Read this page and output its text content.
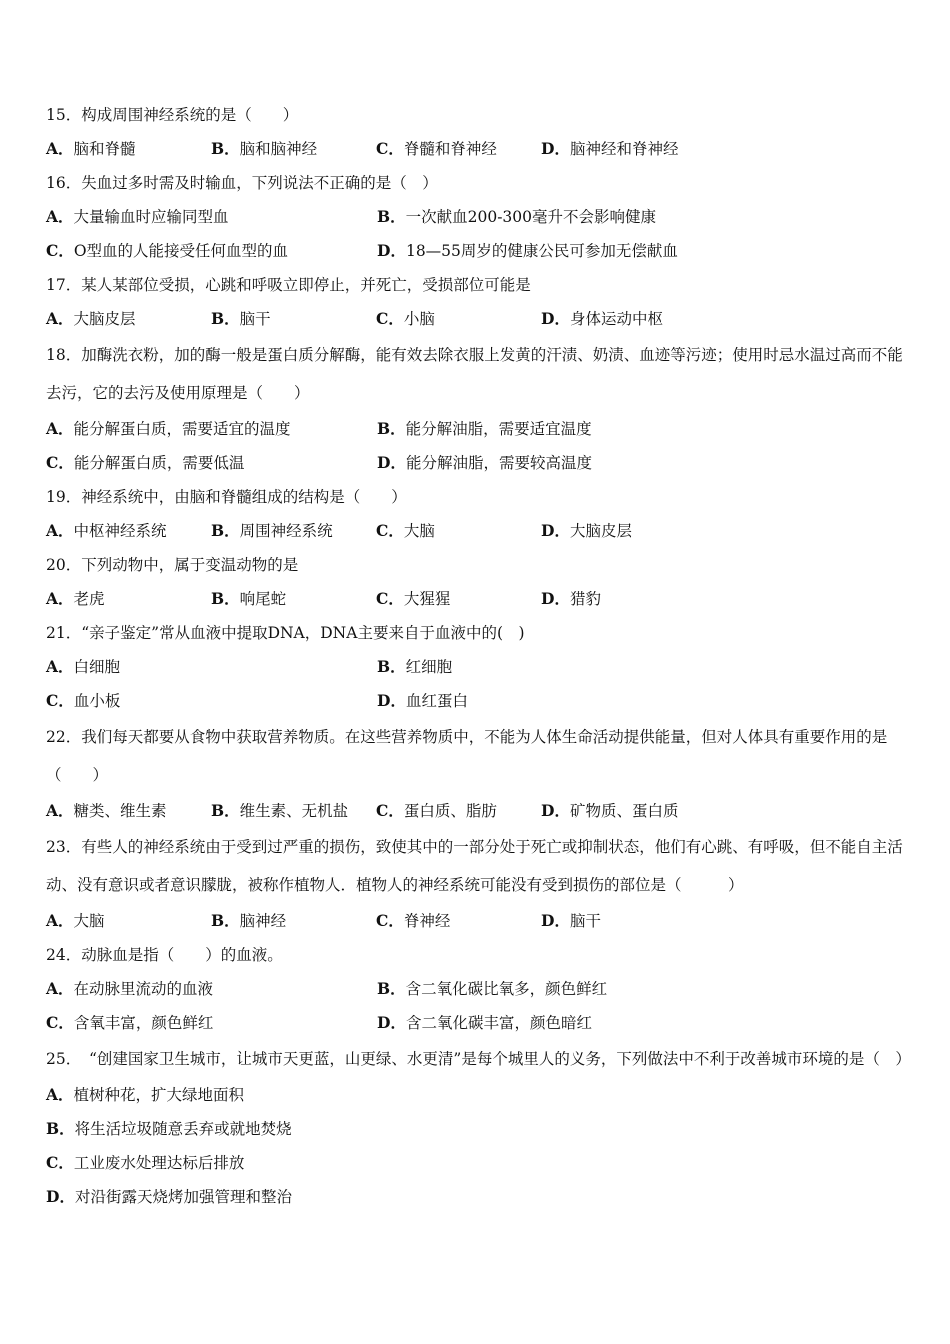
15．构成周围神经系统的是（　　）

A．脑和脊髓	B．脑和脑神经	C．脊髓和脊神经	D．脑神经和脊神经

16．失血过多时需及时输血，下列说法不正确的是（　）

A．大量输血时应输同型血	B．一次献血200-300毫升不会影响健康
C．O型血的人能接受任何血型的血	D．18—55周岁的健康公民可参加无偿献血

17．某人某部位受损，心跳和呼吸立即停止，并死亡，受损部位可能是

A．大脑皮层	B．脑干	C．小脑	D．身体运动中枢

18．加酶洗衣粉，加的酶一般是蛋白质分解酶，能有效去除衣服上发黄的汗渍、奶渍、血迹等污迹；使用时忌水温过高而不能去污，它的去污及使用原理是（　　）

A．能分解蛋白质，需要适宜的温度	B．能分解油脂，需要适宜温度
C．能分解蛋白质，需要低温	D．能分解油脂，需要较高温度

19．神经系统中，由脑和脊髓组成的结构是（　　）

A．中枢神经系统	B．周围神经系统	C．大脑	D．大脑皮层

20．下列动物中，属于变温动物的是

A．老虎	B．响尾蛇	C．大猩猩	D．猎豹

21．“亲子鉴定”常从血液中提取DNA，DNA主要来自于血液中的(　)

A．白细胞	B．红细胞
C．血小板	D．血红蛋白

22．我们每天都要从食物中获取营养物质。在这些营养物质中，不能为人体生命活动提供能量，但对人体具有重要作用的是（　　）

A．糖类、维生素	B．维生素、无机盐	C．蛋白质、脂肪	D．矿物质、蛋白质

23．有些人的神经系统由于受到过严重的损伤，致使其中的一部分处于死亡或抑制状态，他们有心跳、有呼吸，但不能自主活动、没有意识或者意识朦胧，被称作植物人．植物人的神经系统可能没有受到损伤的部位是（　　　）

A．大脑	B．脑神经	C．脊神经	D．脑干

24．动脉血是指（　　）的血液。

A．在动脉里流动的血液	B．含二氧化碳比氧多，颜色鲜红
C．含氧丰富，颜色鲜红	D．含二氧化碳丰富，颜色暗红

25．　“创建国家卫生城市，让城市天更蓝，山更绿、水更清”是每个城里人的义务，下列做法中不利于改善城市环境的是（　）

A．植树种花，扩大绿地面积
B．将生活垃圾随意丢弃或就地焚烧
C．工业废水处理达标后排放
D．对沿街露天烧烤加强管理和整治
